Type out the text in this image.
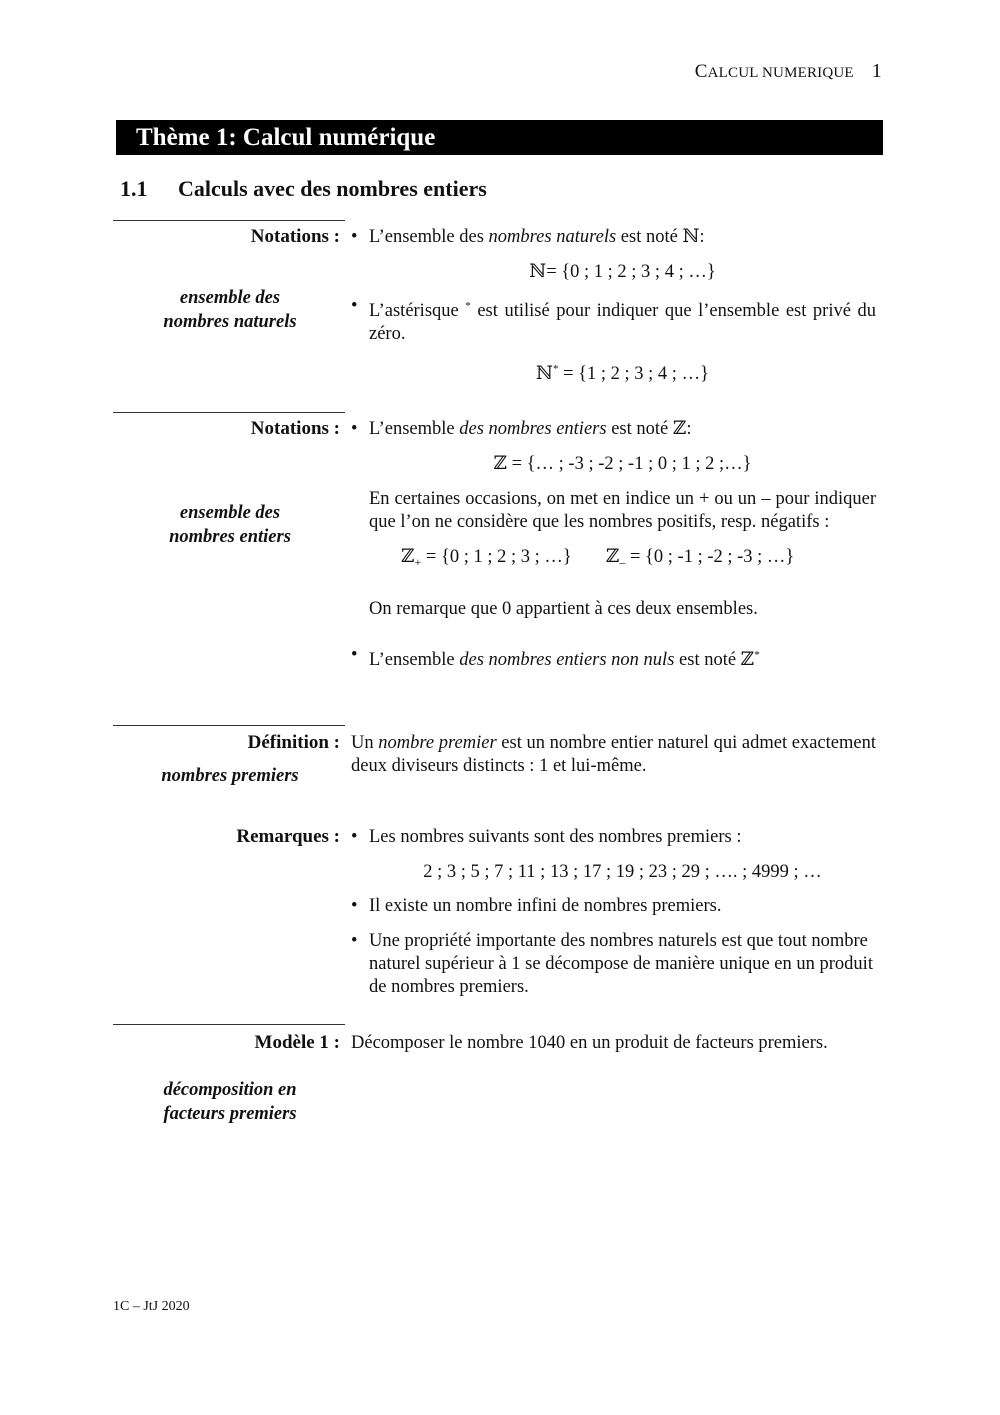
CALCUL NUMERIQUE 1
Thème 1: Calcul numérique
1.1 Calculs avec des nombres entiers
Notations :
ensemble des
nombres naturels
• L’ensemble des nombres naturels est noté ℕ:
ℕ= {0 ; 1 ; 2 ; 3 ; 4 ; …}
• L’astérisque * est utilisé pour indiquer que l’ensemble est privé du zéro.
ℕ* = {1 ; 2 ; 3 ; 4 ; …}
Notations :
ensemble des
nombres entiers
• L’ensemble des nombres entiers est noté ℤ:
ℤ = {… ; -3 ; -2 ; -1 ; 0 ; 1 ; 2 ;…}
En certaines occasions, on met en indice un + ou un – pour indiquer que l’on ne considère que les nombres positifs, resp. négatifs :
ℤ$_+$ = {0 ; 1 ; 2 ; 3 ; …} ℤ$_-$ = {0 ; -1 ; -2 ; -3 ; …}
On remarque que 0 appartient à ces deux ensembles.
• L’ensemble des nombres entiers non nuls est noté ℤ*
Définition :
nombres premiers
Un nombre premier est un nombre entier naturel qui admet exactement deux diviseurs distincts : 1 et lui-même.
Remarques :
•	Les nombres suivants sont des nombres premiers :
2 ; 3 ; 5 ; 7 ; 11 ; 13 ; 17 ; 19 ; 23 ; 29 ; …. ; 4999 ; …
• Il existe un nombre infini de nombres premiers.
• Une propriété importante des nombres naturels est que tout nombre naturel supérieur à 1 se décompose de manière unique en un produit de nombres premiers.
Modèle 1 :
décomposition en
facteurs premiers
Décomposer le nombre 1040 en un produit de facteurs premiers.
1C – JtJ 2020
